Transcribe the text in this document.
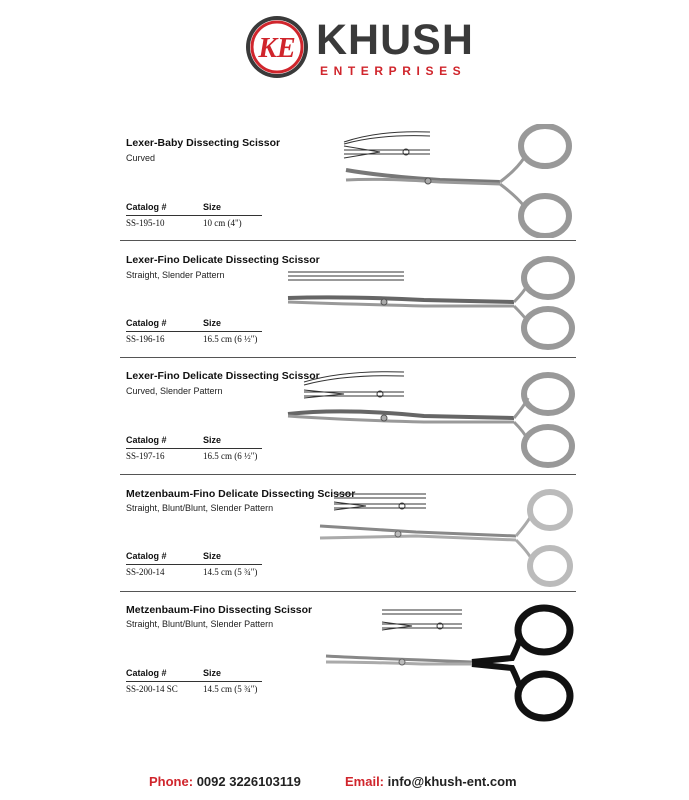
KE KHUSH
ENTERPRISES
Lexer-Baby Dissecting Scissor
Curved
Catalog #	Size
SS-195-10	10 cm (4")
Lexer-Fino Delicate Dissecting Scissor
Straight, Slender Pattern
Catalog #	Size
SS-196-16	16.5 cm (6 ½")
Lexer-Fino Delicate Dissecting Scissor
Curved, Slender Pattern
Catalog #	Size
SS-197-16	16.5 cm (6 ½")
Metzenbaum-Fino Delicate Dissecting Scissor
Straight, Blunt/Blunt, Slender Pattern
Catalog #	Size
SS-200-14	14.5 cm (5 ¾")
Metzenbaum-Fino Dissecting Scissor
Straight, Blunt/Blunt, Slender Pattern
Catalog #	Size
SS-200-14 SC	14.5 cm (5 ¾")
Phone: 0092 3226103119	Email: info@khush-ent.com
